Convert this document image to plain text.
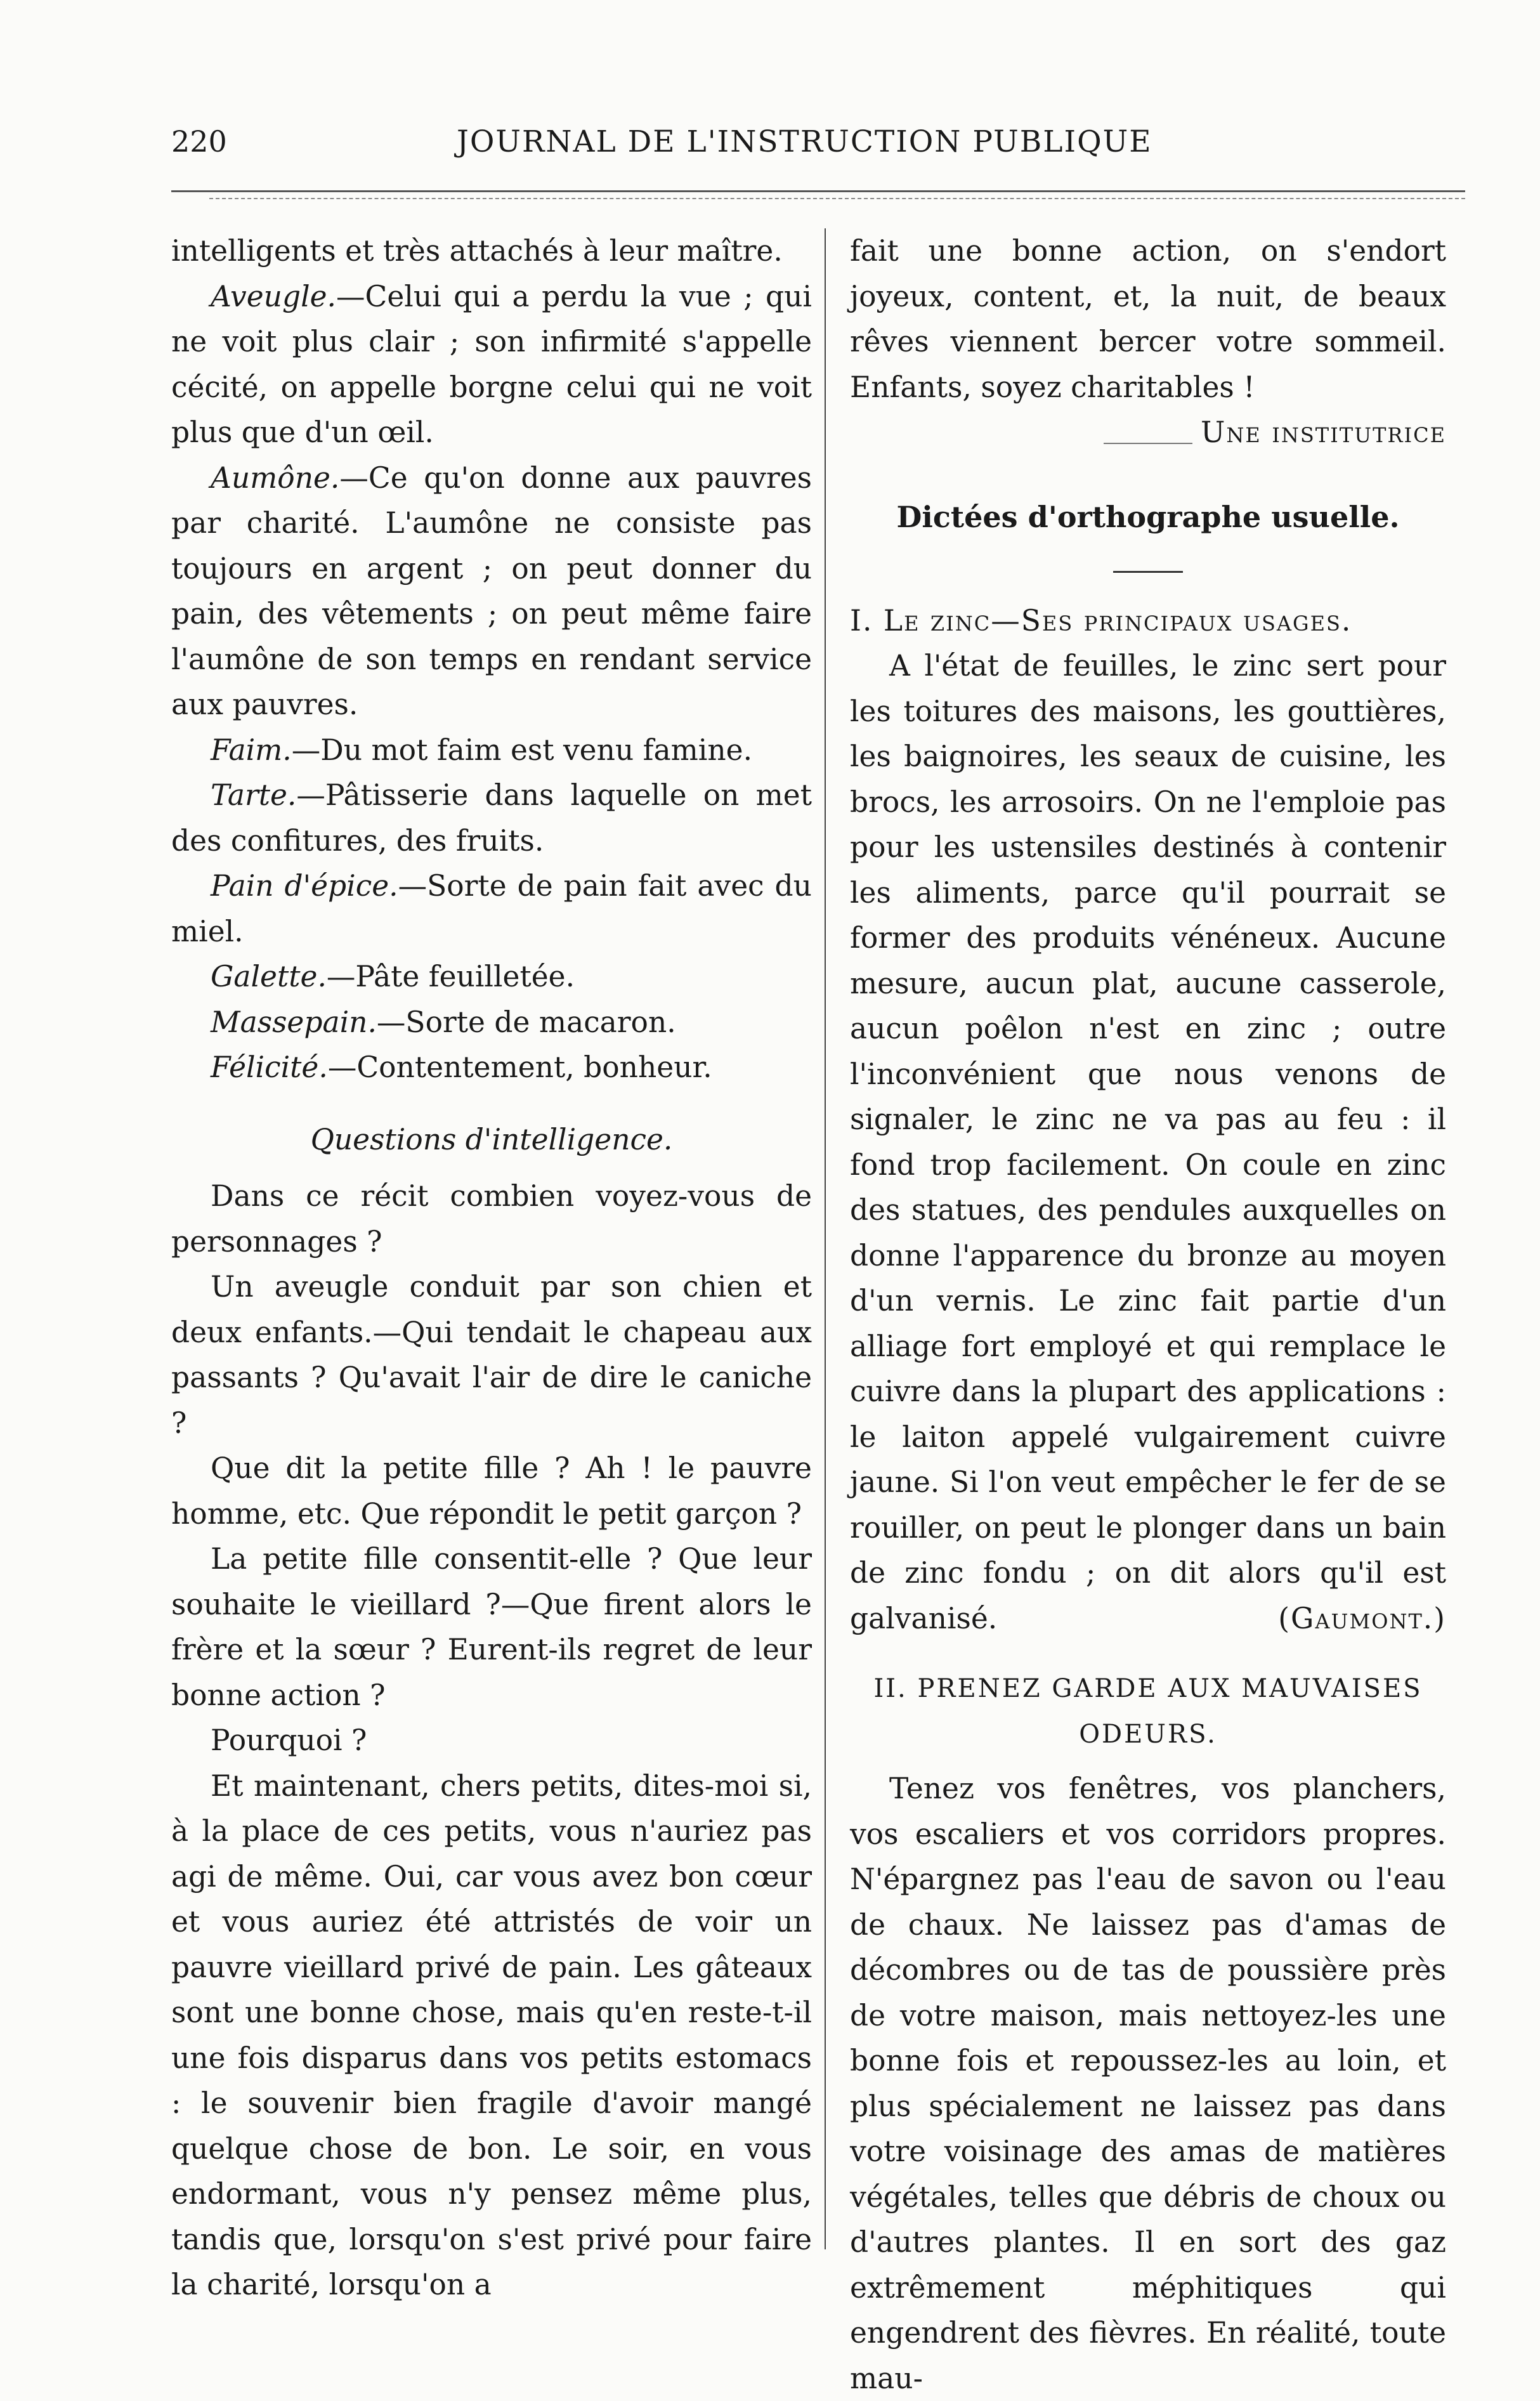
220	JOURNAL DE L'INSTRUCTION PUBLIQUE

intelligents et très attachés à leur maître.

Aveugle.—Celui qui a perdu la vue ; qui ne voit plus clair ; son infirmité s'appelle cécité, on appelle borgne celui qui ne voit plus que d'un œil.

Aumône.—Ce qu'on donne aux pauvres par charité. L'aumône ne consiste pas toujours en argent ; on peut donner du pain, des vêtements ; on peut même faire l'aumône de son temps en rendant service aux pauvres.

Faim.—Du mot faim est venu famine.

Tarte.—Pâtisserie dans laquelle on met des confitures, des fruits.

Pain d'épice.—Sorte de pain fait avec du miel.

Galette.—Pâte feuilletée.

Massepain.—Sorte de macaron.

Félicité.—Contentement, bonheur.

Questions d'intelligence.

Dans ce récit combien voyez-vous de personnages ?

Un aveugle conduit par son chien et deux enfants.—Qui tendait le chapeau aux passants ? Qu'avait l'air de dire le caniche ?

Que dit la petite fille ? Ah ! le pauvre homme, etc. Que répondit le petit garçon ?

La petite fille consentit-elle ? Que leur souhaite le vieillard ?—Que firent alors le frère et la sœur ? Eurent-ils regret de leur bonne action ?

Pourquoi ?

Et maintenant, chers petits, dites-moi si, à la place de ces petits, vous n'auriez pas agi de même. Oui, car vous avez bon cœur et vous auriez été attristés de voir un pauvre vieillard privé de pain. Les gâteaux sont une bonne chose, mais qu'en reste-t-il une fois disparus dans vos petits estomacs : le souvenir bien fragile d'avoir mangé quelque chose de bon. Le soir, en vous endormant, vous n'y pensez même plus, tandis que, lorsqu'on s'est privé pour faire la charité, lorsqu'on a

fait une bonne action, on s'endort joyeux, content, et, la nuit, de beaux rêves viennent bercer votre sommeil. Enfants, soyez charitables !
Une institutrice

Dictées d'orthographe usuelle.

I. Le zinc—Ses principaux usages.

A l'état de feuilles, le zinc sert pour les toitures des maisons, les gouttières, les baignoires, les seaux de cuisine, les brocs, les arrosoirs. On ne l'emploie pas pour les ustensiles destinés à contenir les aliments, parce qu'il pourrait se former des produits vénéneux. Aucune mesure, aucun plat, aucune casserole, aucun poêlon n'est en zinc ; outre l'inconvénient que nous venons de signaler, le zinc ne va pas au feu : il fond trop facilement. On coule en zinc des statues, des pendules auxquelles on donne l'apparence du bronze au moyen d'un vernis. Le zinc fait partie d'un alliage fort employé et qui remplace le cuivre dans la plupart des applications : le laiton appelé vulgairement cuivre jaune. Si l'on veut empêcher le fer de se rouiller, on peut le plonger dans un bain de zinc fondu ; on dit alors qu'il est galvanisé.	(Gaumont.)

II. PRENEZ GARDE AUX MAUVAISES

ODEURS.

Tenez vos fenêtres, vos planchers, vos escaliers et vos corridors propres. N'épargnez pas l'eau de savon ou l'eau de chaux. Ne laissez pas d'amas de décombres ou de tas de poussière près de votre maison, mais nettoyez-les une bonne fois et repoussez-les au loin, et plus spécialement ne laissez pas dans votre voisinage des amas de matières végétales, telles que débris de choux ou d'autres plantes. Il en sort des gaz extrêmement méphitiques qui engendrent des fièvres. En réalité, toute mau-
